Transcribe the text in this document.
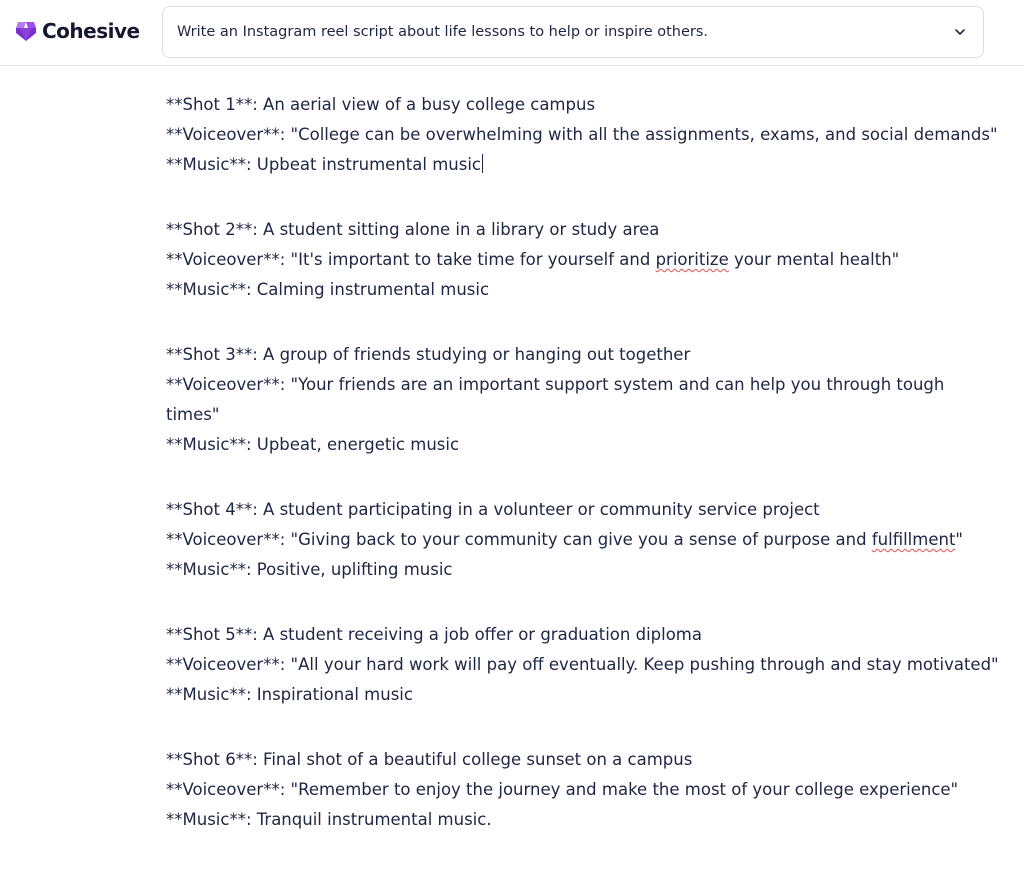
Cohesive	Write an Instagram reel script about life lessons to help or inspire others.
**Shot 1**: An aerial view of a busy college campus
**Voiceover**: "College can be overwhelming with all the assignments, exams, and social demands"
**Music**: Upbeat instrumental music
**Shot 2**: A student sitting alone in a library or study area
**Voiceover**: "It's important to take time for yourself and prioritize your mental health"
**Music**: Calming instrumental music
**Shot 3**: A group of friends studying or hanging out together
**Voiceover**: "Your friends are an important support system and can help you through tough
times"
**Music**: Upbeat, energetic music
**Shot 4**: A student participating in a volunteer or community service project
**Voiceover**: "Giving back to your community can give you a sense of purpose and fulfillment"
**Music**: Positive, uplifting music
**Shot 5**: A student receiving a job offer or graduation diploma
**Voiceover**: "All your hard work will pay off eventually. Keep pushing through and stay motivated"
**Music**: Inspirational music
**Shot 6**: Final shot of a beautiful college sunset on a campus
**Voiceover**: "Remember to enjoy the journey and make the most of your college experience"
**Music**: Tranquil instrumental music.
